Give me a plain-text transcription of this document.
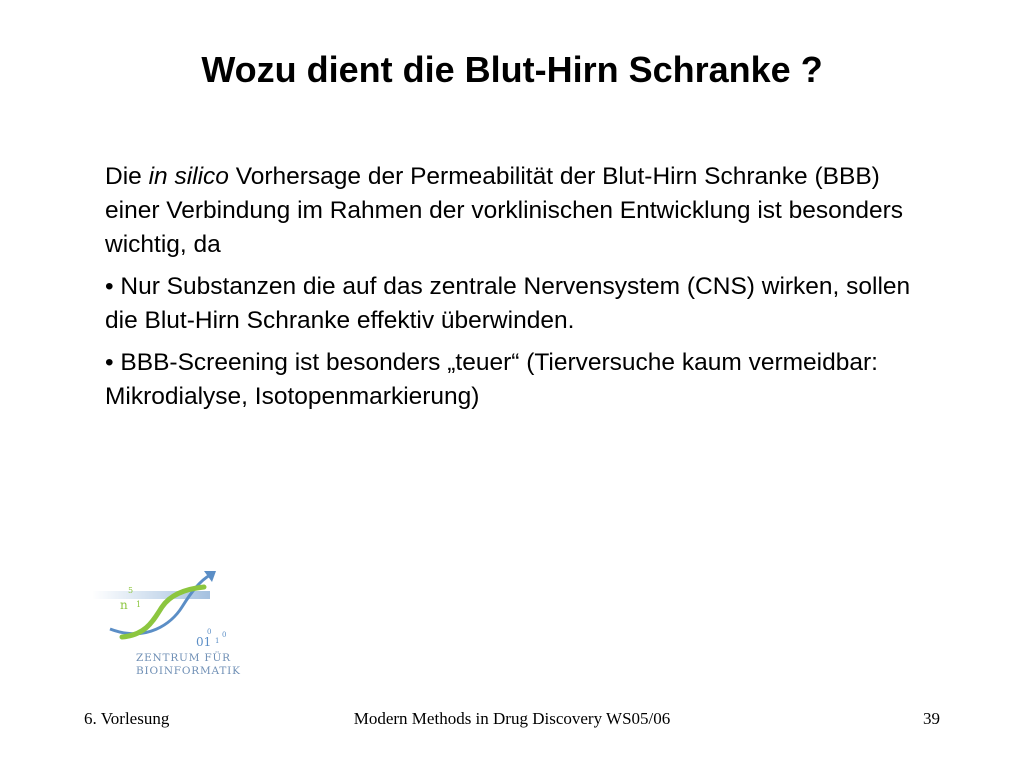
Wozu dient die Blut-Hirn Schranke ?

Die in silico Vorhersage der Permeabilität der Blut-Hirn Schranke (BBB) einer Verbindung im Rahmen der vorklinischen Entwicklung ist besonders wichtig, da

• Nur Substanzen die auf das zentrale Nervensystem (CNS) wirken, sollen die Blut-Hirn Schranke effektiv überwinden.

• BBB-Screening ist besonders „teuer“ (Tierversuche kaum vermeidbar: Mikrodialyse, Isotopenmarkierung)

n
5
1
01
0
1
0
ZENTRUM FÜR
BIOINFORMATIK
6. Vorlesung	Modern Methods in Drug Discovery WS05/06	39
